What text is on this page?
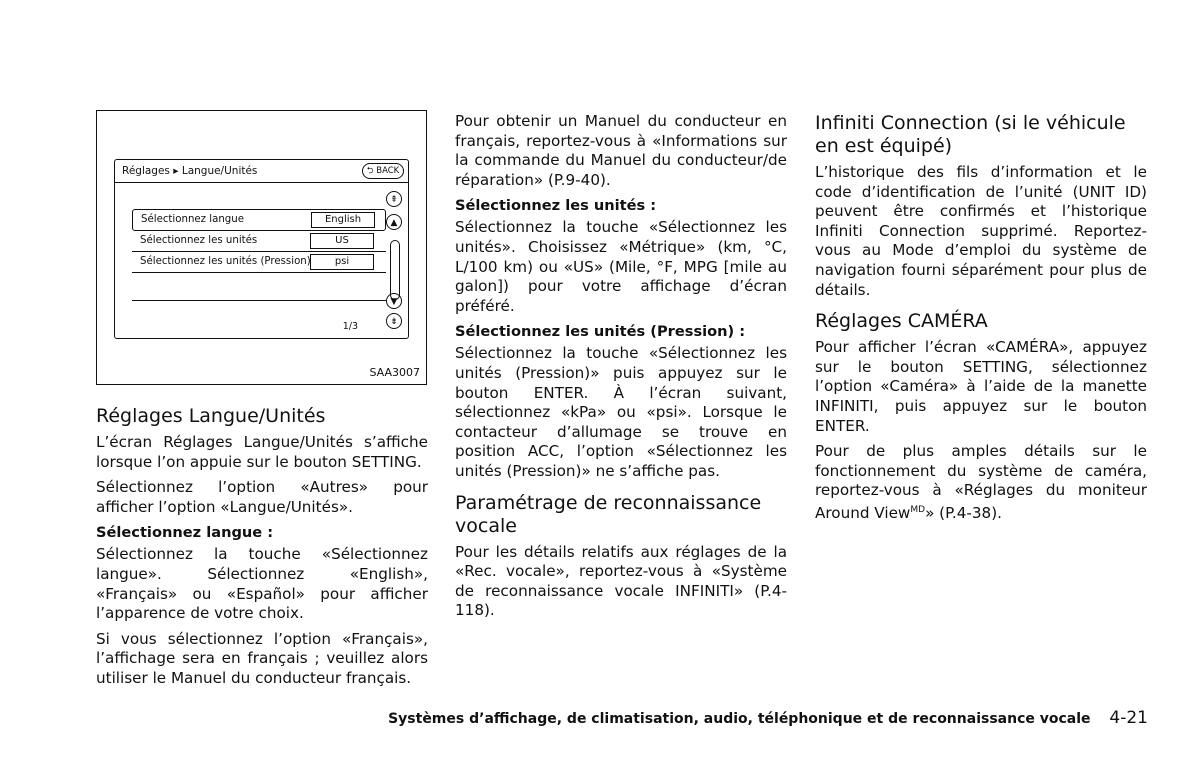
Réglages ▸ Langue/Unités	⮌ BACK
Sélectionnez langue	English
Sélectionnez les unités	US
Sélectionnez les unités (Pression)	psi
1/3
⇞
▲
▼
⇟
SAA3007
Réglages Langue/Unités

L’écran Réglages Langue/Unités s’affiche lorsque l’on appuie sur le bouton SETTING.

Sélectionnez l’option «Autres» pour afficher l’option «Langue/Unités».

Sélectionnez langue :

Sélectionnez la touche «Sélectionnez langue». Sélectionnez «English», «Français» ou «Español» pour afficher l’apparence de votre choix.

Si vous sélectionnez l’option «Français», l’affichage sera en français ; veuillez alors utiliser le Manuel du conducteur français.

Pour obtenir un Manuel du conducteur en français, reportez-vous à «Informations sur la commande du Manuel du conducteur/de réparation» (P.9-40).

Sélectionnez les unités :

Sélectionnez la touche «Sélectionnez les unités». Choisissez «Métrique» (km, °C, L/100 km) ou «US» (Mile, °F, MPG [mile au galon]) pour votre affichage d’écran préféré.

Sélectionnez les unités (Pression) :

Sélectionnez la touche «Sélectionnez les unités (Pression)» puis appuyez sur le bouton ENTER. À l’écran suivant, sélectionnez «kPa» ou «psi». Lorsque le contacteur d’allumage se trouve en position ACC, l’option «Sélectionnez les unités (Pression)» ne s’affiche pas.

Paramétrage de reconnaissance vocale

Pour les détails relatifs aux réglages de la «Rec. vocale», reportez-vous à «Système de reconnaissance vocale INFINITI» (P.4-118).

Infiniti Connection (si le véhicule en est équipé)

L’historique des fils d’information et le code d’identification de l’unité (UNIT ID) peuvent être confirmés et l’historique Infiniti Connection supprimé. Reportez-vous au Mode d’emploi du système de navigation fourni séparément pour plus de détails.

Réglages CAMÉRA

Pour afficher l’écran «CAMÉRA», appuyez sur le bouton SETTING, sélectionnez l’option «Caméra» à l’aide de la manette INFINITI, puis appuyez sur le bouton ENTER.

Pour de plus amples détails sur le fonctionnement du système de caméra, reportez-vous à «Réglages du moniteur Around View$^{MD}$» (P.4-38).

Systèmes d’affichage, de climatisation, audio, téléphonique et de reconnaissance vocale 4-21
